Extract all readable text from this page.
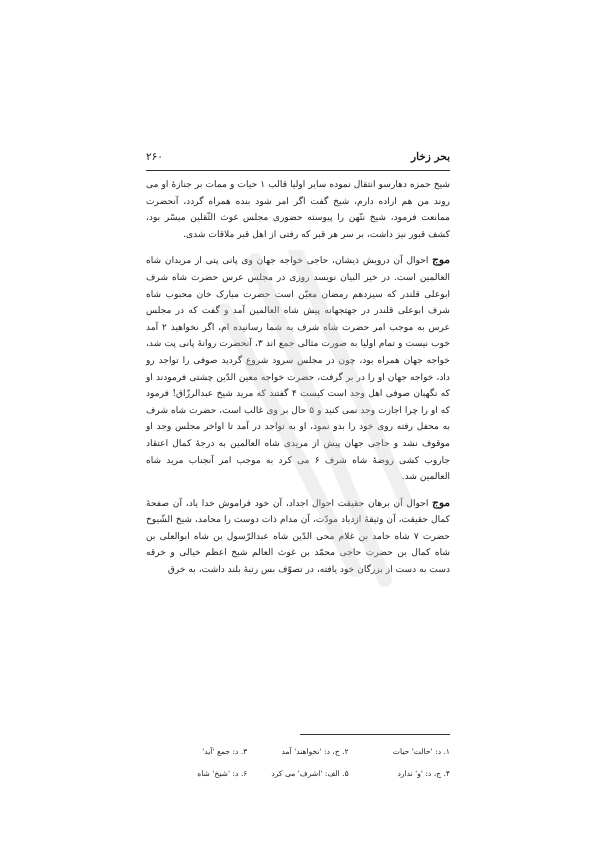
بحر زخار
۲۶۰

شیخ حمزه دهارسو انتقال نموده سایر اولیا قالب ۱ حیات و ممات بر جنازهٔ او می روند من هم اراده دارم، شیخ گفت اگر امر شود بنده همراه گردد، آنحضرت ممانعت فرمود، شیخ نتّهن را پیوسته حضوری مجلس غوث الثّقلین میسّر بود، کشف قبور نیز داشت، بر سر هر قبر که رفتی از اهل قبر ملاقات شدی.

موج احوال آن درویش ذیشان، حاجی خواجه جهان وی پانی پتی از مریدان شاه العالمین است. در خیر البیان نویسد روزی در مجلس عرس حضرت شاه شرف ابوعلی قلندر که سیزدهم رمضان معیّن است حضرت مبارک خان محبوب شاه شرف ابوعلی قلندر در جهتجهانه پیش شاه العالمین آمد و گفت که در مجلس عرس به موجب امر حضرت شاه شرف به شما رسانیده ام، اگر نخواهید ۲ آمد خوب نیست و تمام اولیا به صورت مثالی جمع اند ۳، آنحضرت روانهٔ پانی پت شد، خواجه جهان همراه بود، چون در مجلس سرود شروع گردید صوفی را تواجد رو داد، خواجه جهان او را در بر گرفت، حضرت خواجه معین الدّین چشتی فرمودند او که نگهبان صوفی اهل وجد است کیست ۴ گفتند که مرید شیخ عبدالرزّاق! فرمود که او را چرا اجازت وجد نمی کنید و ۵ حال بر وی غالب است، حضرت شاه شرف به محفل رفته روی خود را بدو نمود، او به تواجد در آمد تا اواخر مجلس وجد او موقوف نشد و حاجی جهان پیش از مریدی شاه العالمین به درجهٔ کمال اعتقاد جاروب کشی روضهٔ شاه شرف ۶ می کرد به موجب امر آنجناب مرید شاه العالمین شد.

موج احوال آن برهان حقیقت احوال اجداد، آن خود فراموش خدا یاد، آن صفحهٔ کمال حقیقت، آن وثیقهٔ ازدیاد مودّت، آن مدام ذات دوست را محامد، شیخ الشّیوخ حضرت ۷ شاه حامد بن غلام محی الدّین شاه عبدالرّسول بن شاه ابوالعلی بن شاه کمال بن حضرت حاجی محمّد بن غوث العالم شیخ اعظم خیالی و خرقه دست به دست از بزرگان خود یافته، در تصوّف بس رتبهٔ بلند داشت، به خرق

۱. د: 'حالت' حیات
۲. ج، د: 'نخواهند' آمد
۳. د: جمع 'آید'
۴. ج، د: 'و' ندارد
۵. الف: 'اشرف' می کرد
۶. د: 'شیخ' شاه
